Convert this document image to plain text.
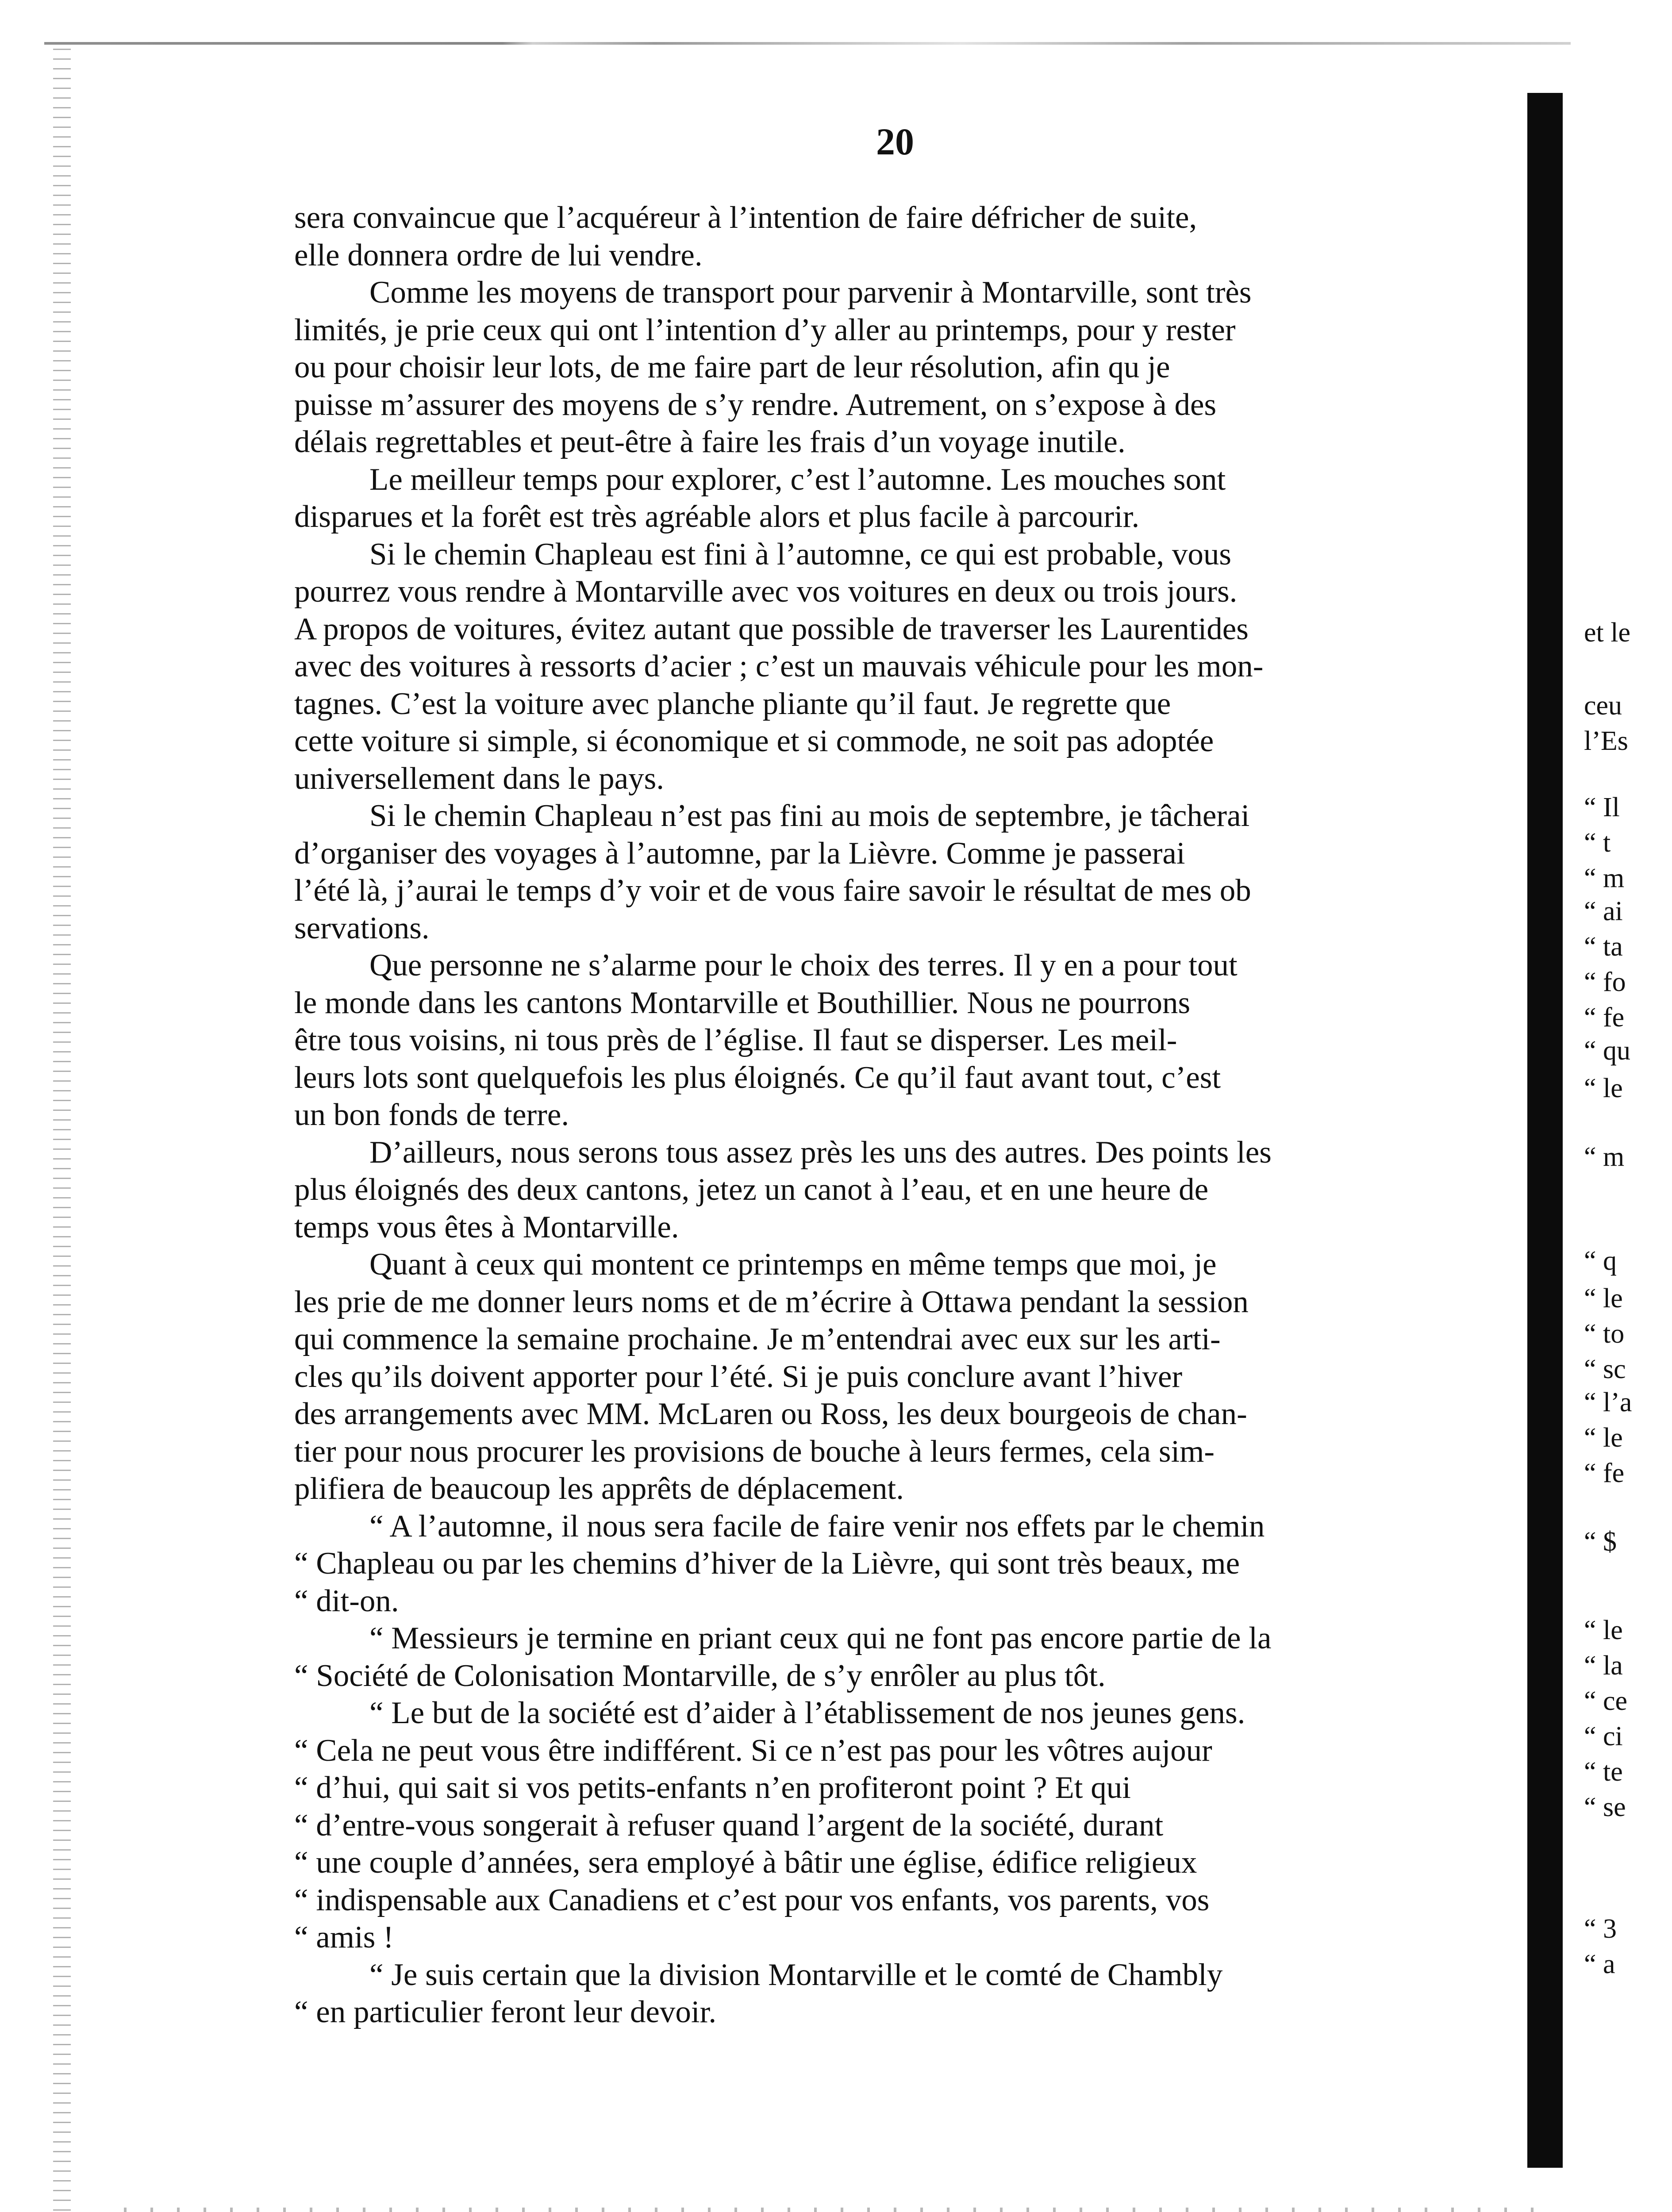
20
sera convaincue que l’acquéreur à l’intention de faire défricher de suite,
elle donnera ordre de lui vendre.
Comme les moyens de transport pour parvenir à Montarville, sont très
limités, je prie ceux qui ont l’intention d’y aller au printemps, pour y rester
ou pour choisir leur lots, de me faire part de leur résolution, afin qu je
puisse m’assurer des moyens de s’y rendre. Autrement, on s’expose à des
délais regrettables et peut-être à faire les frais d’un voyage inutile.
Le meilleur temps pour explorer, c’est l’automne. Les mouches sont
disparues et la forêt est très agréable alors et plus facile à parcourir.
Si le chemin Chapleau est fini à l’automne, ce qui est probable, vous
pourrez vous rendre à Montarville avec vos voitures en deux ou trois jours.
A propos de voitures, évitez autant que possible de traverser les Laurentides
avec des voitures à ressorts d’acier ; c’est un mauvais véhicule pour les mon-
tagnes. C’est la voiture avec planche pliante qu’il faut. Je regrette que
cette voiture si simple, si économique et si commode, ne soit pas adoptée
universellement dans le pays.
Si le chemin Chapleau n’est pas fini au mois de septembre, je tâcherai
d’organiser des voyages à l’automne, par la Lièvre. Comme je passerai
l’été là, j’aurai le temps d’y voir et de vous faire savoir le résultat de mes ob
servations.
Que personne ne s’alarme pour le choix des terres. Il y en a pour tout
le monde dans les cantons Montarville et Bouthillier. Nous ne pourrons
être tous voisins, ni tous près de l’église. Il faut se disperser. Les meil-
leurs lots sont quelquefois les plus éloignés. Ce qu’il faut avant tout, c’est
un bon fonds de terre.
D’ailleurs, nous serons tous assez près les uns des autres. Des points les
plus éloignés des deux cantons, jetez un canot à l’eau, et en une heure de
temps vous êtes à Montarville.
Quant à ceux qui montent ce printemps en même temps que moi, je
les prie de me donner leurs noms et de m’écrire à Ottawa pendant la session
qui commence la semaine prochaine. Je m’entendrai avec eux sur les arti-
cles qu’ils doivent apporter pour l’été. Si je puis conclure avant l’hiver
des arrangements avec MM. McLaren ou Ross, les deux bourgeois de chan-
tier pour nous procurer les provisions de bouche à leurs fermes, cela sim-
plifiera de beaucoup les apprêts de déplacement.
“ A l’automne, il nous sera facile de faire venir nos effets par le chemin
“ Chapleau ou par les chemins d’hiver de la Lièvre, qui sont très beaux, me
“ dit-on.
“ Messieurs je termine en priant ceux qui ne font pas encore partie de la
“ Société de Colonisation Montarville, de s’y enrôler au plus tôt.
“ Le but de la société est d’aider à l’établissement de nos jeunes gens.
“ Cela ne peut vous être indifférent. Si ce n’est pas pour les vôtres aujour
“ d’hui, qui sait si vos petits-enfants n’en profiteront point ? Et qui
“ d’entre-vous songerait à refuser quand l’argent de la société, durant
“ une couple d’années, sera employé à bâtir une église, édifice religieux
“ indispensable aux Canadiens et c’est pour vos enfants, vos parents, vos
“ amis !
“ Je suis certain que la division Montarville et le comté de Chambly
“ en particulier feront leur devoir.
et le
ceu
l’Es
“ Il
“ t
“ m
“ ai
“ ta
“ fo
“ fe
“ qu
“ le
“ m
“ q
“ le
“ to
“ sc
“ l’a
“ le
“ fe
“ $
“ le
“ la
“ ce
“ ci
“ te
“ se
“ 3
“ a
